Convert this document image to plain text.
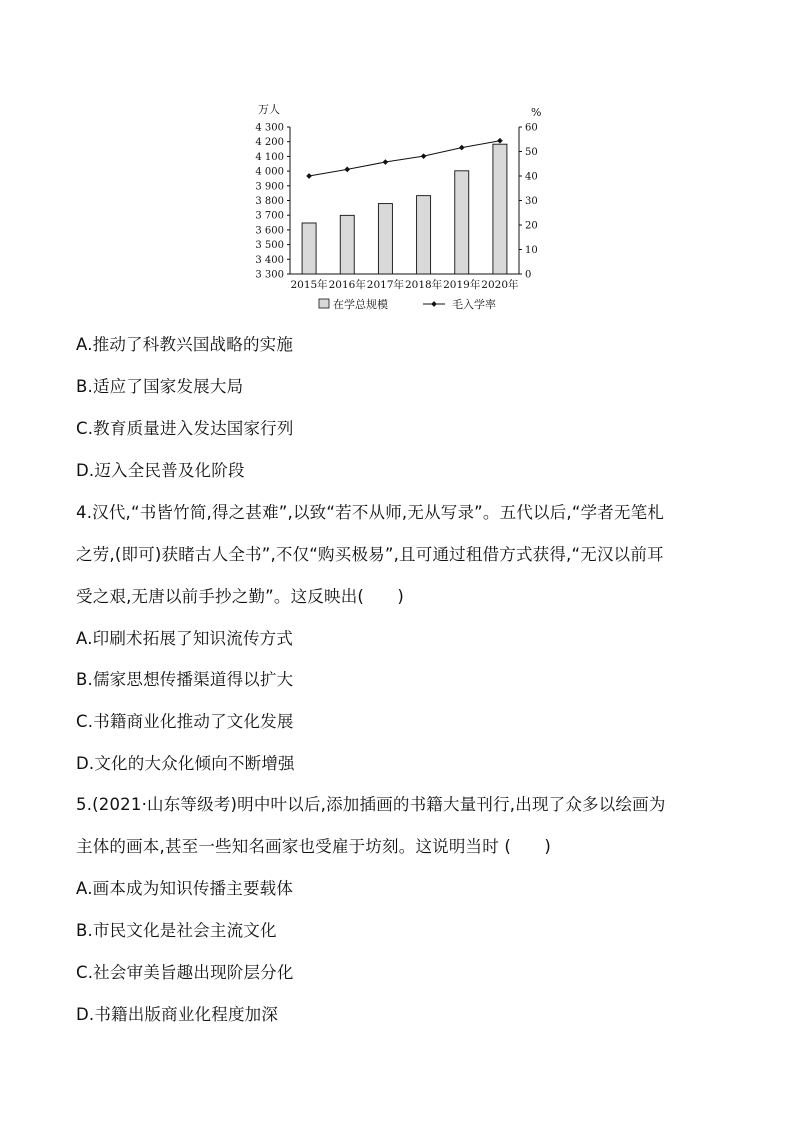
万人	%
3 300
3 400
3 500
3 600
3 700
3 800
3 900
4 000
4 100
4 200
4 300
0
10
20
30
40
50
60
2015年 2016年 2017年 2018年 2019年 2020年
在学总规模	毛入学率
A.推动了科教兴国战略的实施
B.适应了国家发展大局
C.教育质量进入发达国家行列
D.迈入全民普及化阶段
4.汉代,“书皆竹简,得之甚难”,以致“若不从师,无从写录”。五代以后,“学者无笔札
之劳,(即可)获睹古人全书”,不仅“购买极易”,且可通过租借方式获得,“无汉以前耳
受之艰,无唐以前手抄之勤”。这反映出(　　)
A.印刷术拓展了知识流传方式
B.儒家思想传播渠道得以扩大
C.书籍商业化推动了文化发展
D.文化的大众化倾向不断增强
5.(2021·山东等级考)明中叶以后,添加插画的书籍大量刊行,出现了众多以绘画为
主体的画本,甚至一些知名画家也受雇于坊刻。这说明当时 (　　)
A.画本成为知识传播主要载体
B.市民文化是社会主流文化
C.社会审美旨趣出现阶层分化
D.书籍出版商业化程度加深
